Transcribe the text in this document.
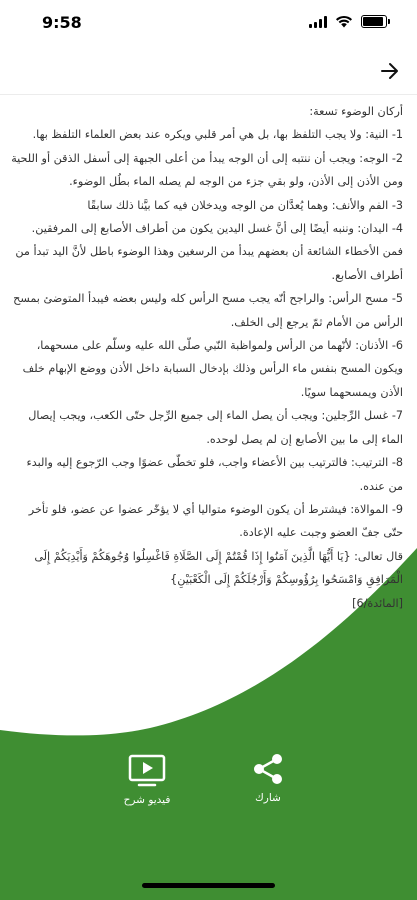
9:58

أركان الوضوء تسعة:

1- النية: ولا يجب التلفظ بها، بل هي أمر قلبي ويكره عند بعض العلماء التلفظ بها.

2- الوجه: ويجب أن ننتبه إلى أن الوجه يبدأ من أعلى الجبهة إلى أسفل الذقن أو اللحية ومن الأذن إلى الأذن، ولو بقي جزء من الوجه لم يصله الماء بطُل الوضوء.

3- الفم والأنف: وهما يُعدَّان من الوجه ويدخلان فيه كما بيَّنا ذلك سابقًا

4- اليدان: وننبه أيضًا إلى أنَّ غسل اليدين يكون من أطراف الأصابع إلى المرفقين.

فمن الأخطاء الشائعة أن بعضهم يبدأ من الرسغين وهذا الوضوء باطل لأنَّ اليد تبدأ من أطراف الأصابع.

5- مسح الرأس: والراجح أنّه يجب مسح الرأس كله وليس بعضه فيبدأ المتوضئ بمسح الرأس من الأمام ثمّ يرجع إلى الخلف.

6- الأذنان: لأنّهما من الرأس ولمواظبة النّبي صلّى الله عليه وسلّم على مسحهما، ويكون المسح بنفس ماء الرأس وذلك بإدخال السبابة داخل الأذن ووضع الإبهام خلف الأذن ويمسحهما سويًا.

7- غسل الرِّجلين: ويجب أن يصل الماء إلى جميع الرِّجل حتّى الكعب، ويجب إيصال الماء إلى ما بين الأصابع إن لم يصل لوحده.

8- الترتيب: فالترتيب بين الأعضاء واجب، فلو تخطّى عضوًا وجب الرّجوع إليه والبدء من عنده.

9- الموالاة: فيشترط أن يكون الوضوء متواليا أي لا يؤخّر عضوا عن عضو، فلو تأخر حتّى جفّ العضو وجبت عليه الإعادة.

قال تعالى: {يَا أَيُّهَا الَّذِينَ آمَنُوا إِذَا قُمْتُمْ إِلَى الصَّلَاةِ فَاغْسِلُوا وُجُوهَكُمْ وَأَيْدِيَكُمْ إِلَى الْمَرَافِقِ وَامْسَحُوا بِرُؤُوسِكُمْ وَأَرْجُلَكُمْ إِلَى الْكَعْبَيْنِ}

[المائدة/6]

شارك
فيديو شرح
